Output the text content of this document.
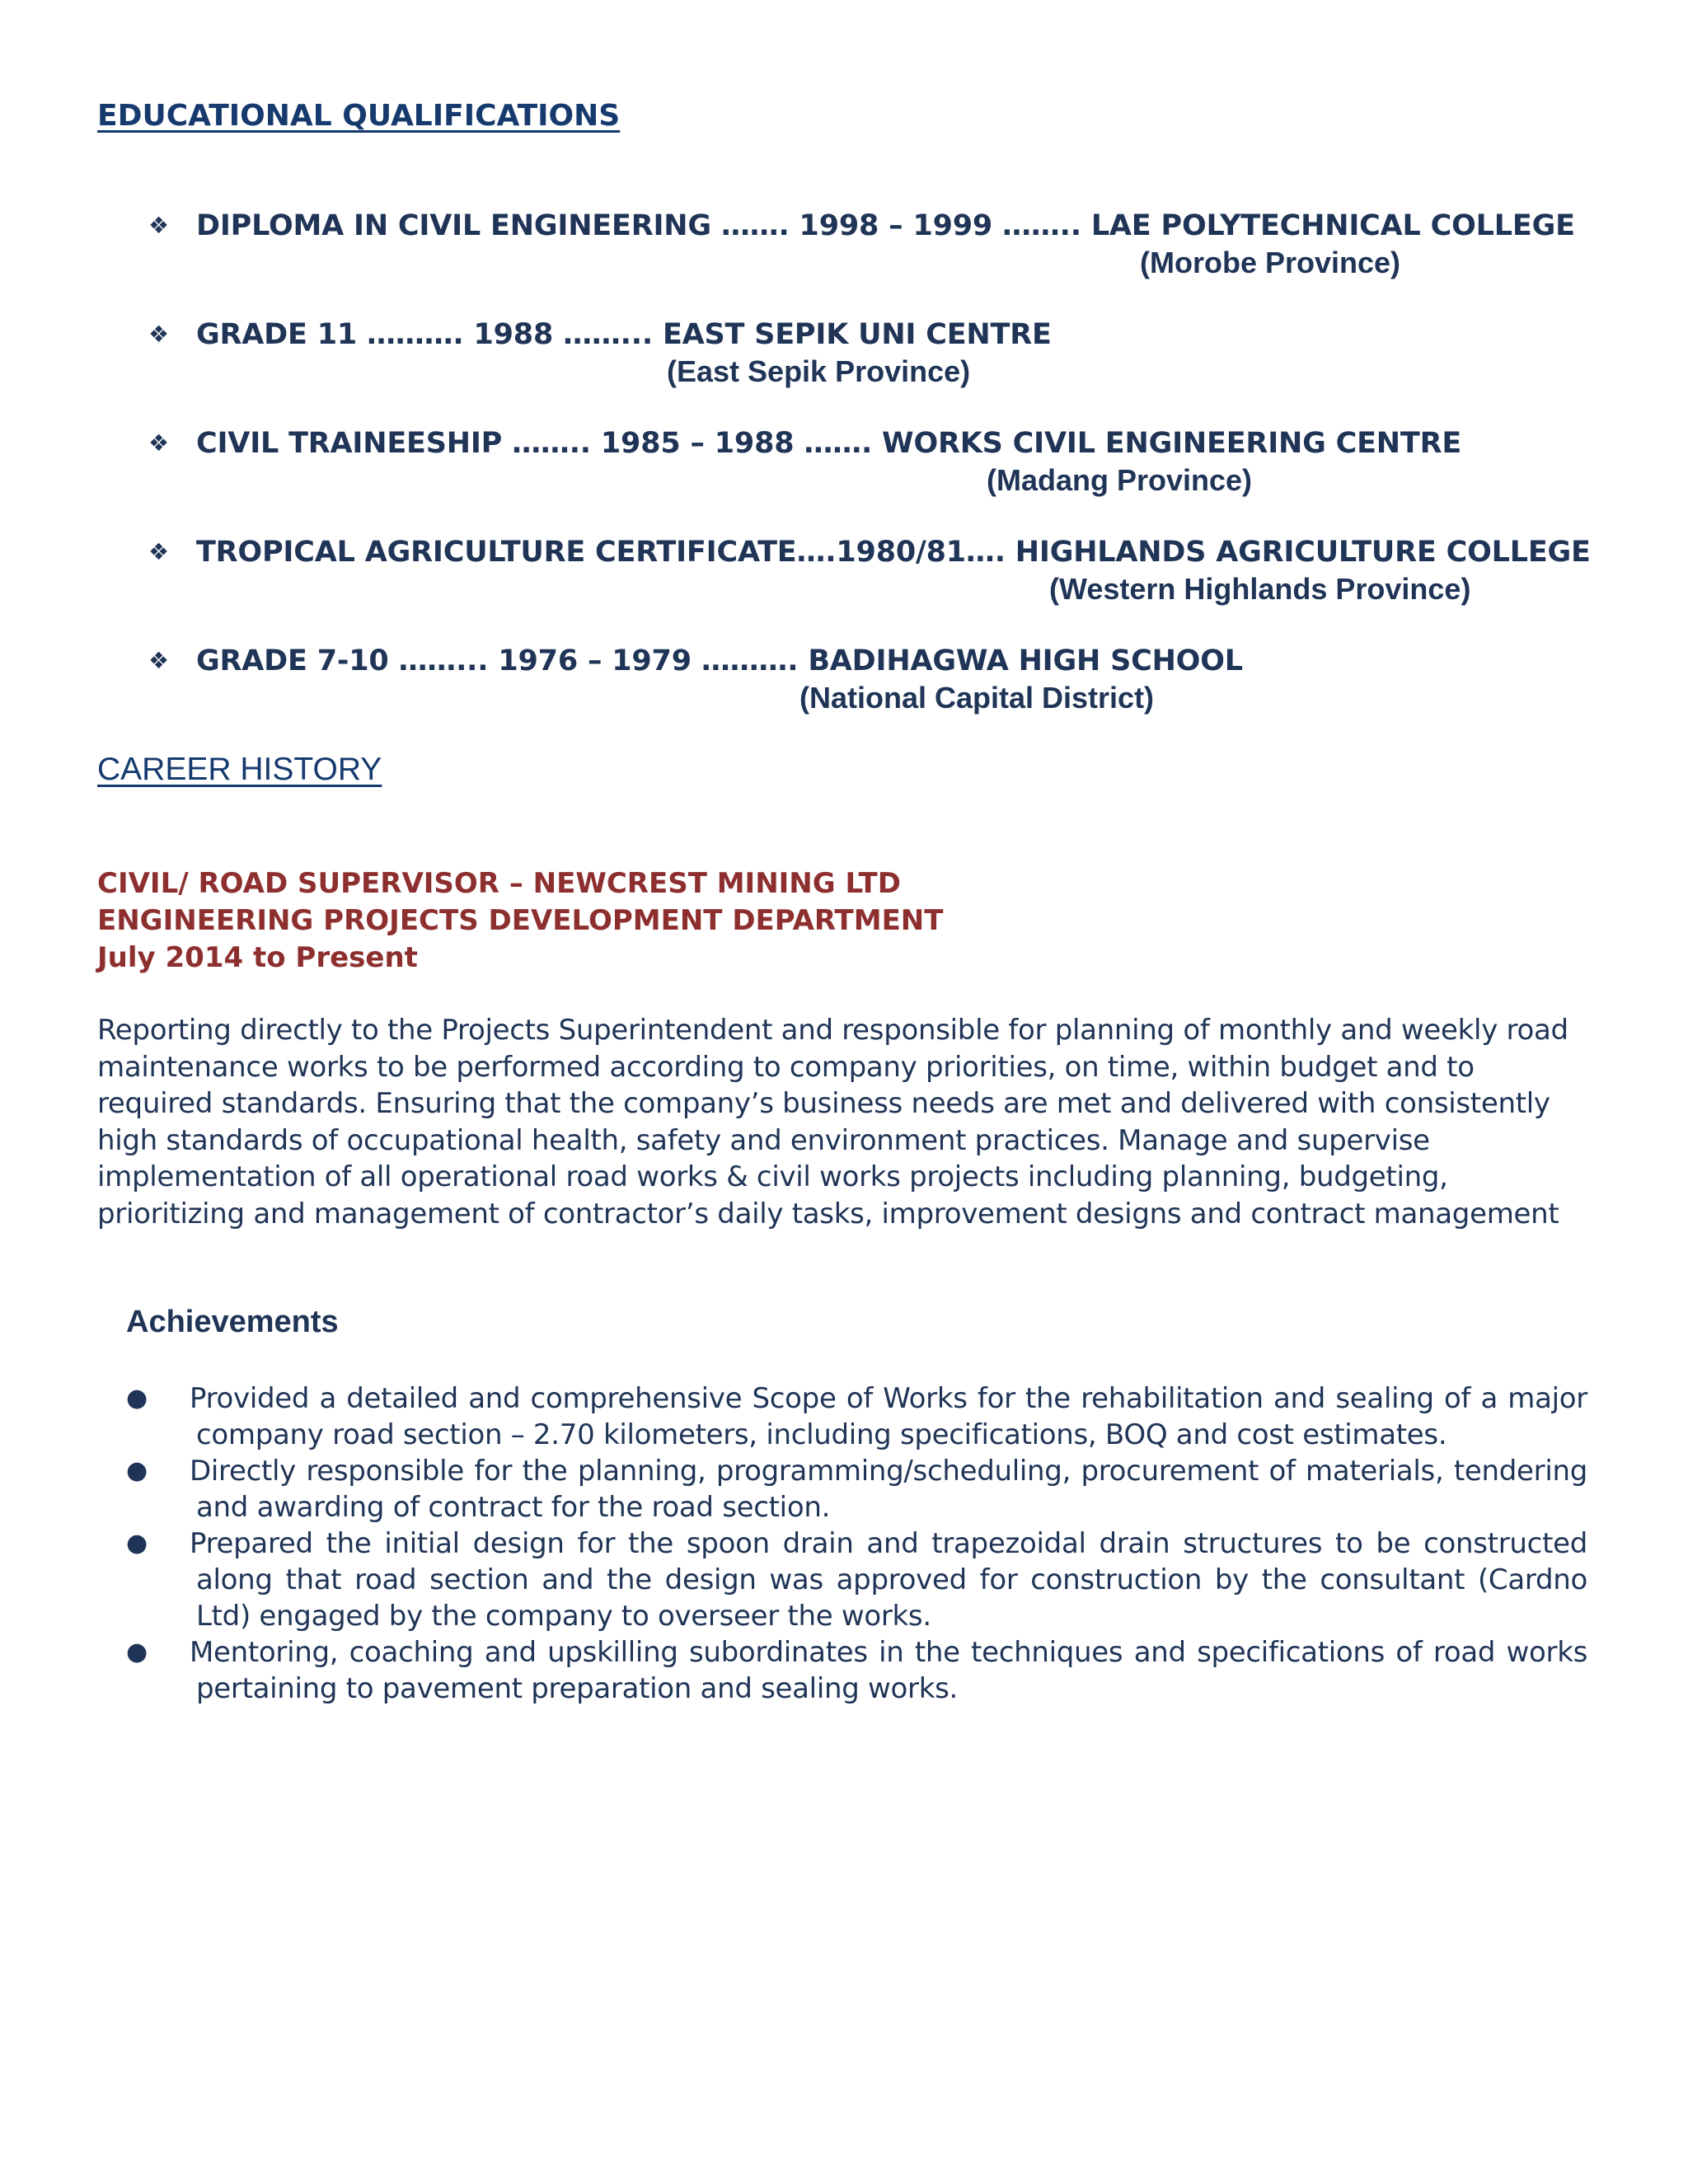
EDUCATIONAL QUALIFICATIONS
❖ DIPLOMA IN CIVIL ENGINEERING ……. 1998 – 1999 …….. LAE POLYTECHNICAL COLLEGE
(Morobe Province)
❖ GRADE 11 ………. 1988 ……... EAST SEPIK UNI CENTRE
(East Sepik Province)
❖ CIVIL TRAINEESHIP …….. 1985 – 1988 ……. WORKS CIVIL ENGINEERING CENTRE
(Madang Province)
❖ TROPICAL AGRICULTURE CERTIFICATE….1980/81…. HIGHLANDS AGRICULTURE COLLEGE
(Western Highlands Province)
❖ GRADE 7-10 ……... 1976 – 1979 ………. BADIHAGWA HIGH SCHOOL
(National Capital District)
CAREER HISTORY
CIVIL/ ROAD SUPERVISOR – NEWCREST MINING LTD
ENGINEERING PROJECTS DEVELOPMENT DEPARTMENT
July 2014 to Present

Reporting directly to the Projects Superintendent and responsible for planning of monthly and weekly road maintenance works to be performed according to company priorities, on time, within budget and to required standards. Ensuring that the company’s business needs are met and delivered with consistently high standards of occupational health, safety and environment practices. Manage and supervise implementation of all operational road works & civil works projects including planning, budgeting, prioritizing and management of contractor’s daily tasks, improvement designs and contract management

Achievements
● Provided a detailed and comprehensive Scope of Works for the rehabilitation and sealing of a major company road section – 2.70 kilometers, including specifications, BOQ and cost estimates.

● Directly responsible for the planning, programming/scheduling, procurement of materials, tendering and awarding of contract for the road section.

● Prepared the initial design for the spoon drain and trapezoidal drain structures to be constructed along that road section and the design was approved for construction by the consultant (Cardno Ltd) engaged by the company to overseer the works.

● Mentoring, coaching and upskilling subordinates in the techniques and specifications of road works pertaining to pavement preparation and sealing works.
